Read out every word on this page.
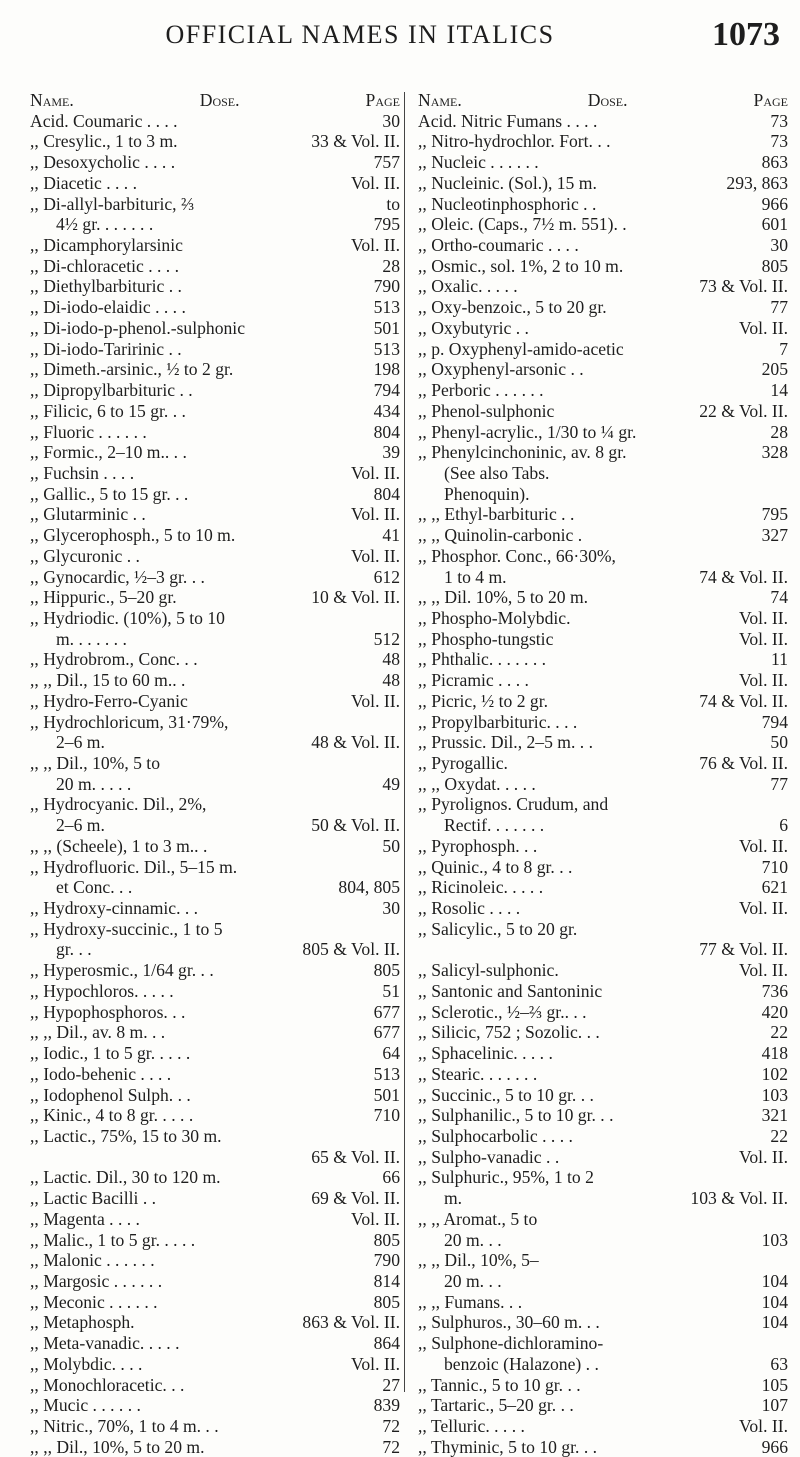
OFFICIAL NAMES IN ITALICS	1073
Name.	Dose.	Page
Acid. Coumaric . . . .	30
,, Cresylic., 1 to 3 m.	33 & Vol. II.
,, Desoxycholic . . . .	757
,, Diacetic . . . .	Vol. II.
,, Di-allyl-barbituric, ⅔	to
4½ gr. . . . . . .	795
,, Dicamphorylarsinic	Vol. II.
,, Di-chloracetic . . . .	28
,, Diethylbarbituric . .	790
,, Di-iodo-elaidic . . . .	513
,, Di-iodo-p-phenol.-sulphonic	501
,, Di-iodo-Taririnic . .	513
,, Dimeth.-arsinic., ½ to 2 gr.	198
,, Dipropylbarbituric . .	794
,, Filicic, 6 to 15 gr. . .	434
,, Fluoric . . . . . .	804
,, Formic., 2–10 m.. . .	39
,, Fuchsin . . . .	Vol. II.
,, Gallic., 5 to 15 gr. . .	804
,, Glutarminic . .	Vol. II.
,, Glycerophosph., 5 to 10 m.	41
,, Glycuronic . .	Vol. II.
,, Gynocardic, ½–3 gr. . .	612
,, Hippuric., 5–20 gr.	10 & Vol. II.
,, Hydriodic. (10%), 5 to 10
m. . . . . . .	512
,, Hydrobrom., Conc. . .	48
,, ,, Dil., 15 to 60 m.. .	48
,, Hydro-Ferro-Cyanic	Vol. II.
,, Hydrochloricum, 31·79%,
2–6 m.	48 & Vol. II.
,, ,, Dil., 10%, 5 to
20 m. . . . .	49
,, Hydrocyanic. Dil., 2%,
2–6 m.	50 & Vol. II.
,, ,, (Scheele), 1 to 3 m.. .	50
,, Hydrofluoric. Dil., 5–15 m.
et Conc. . .	804, 805
,, Hydroxy-cinnamic. . .	30
,, Hydroxy-succinic., 1 to 5
gr. . .	805 & Vol. II.
,, Hyperosmic., 1/64 gr. . .	805
,, Hypochloros. . . . .	51
,, Hypophosphoros. . .	677
,, ,, Dil., av. 8 m. . .	677
,, Iodic., 1 to 5 gr. . . . .	64
,, Iodo-behenic . . . .	513
,, Iodophenol Sulph. . .	501
,, Kinic., 4 to 8 gr. . . . .	710
,, Lactic., 75%, 15 to 30 m.
65 & Vol. II.
,, Lactic. Dil., 30 to 120 m.	66
,, Lactic Bacilli . .	69 & Vol. II.
,, Magenta . . . .	Vol. II.
,, Malic., 1 to 5 gr. . . . .	805
,, Malonic . . . . . .	790
,, Margosic . . . . . .	814
,, Meconic . . . . . .	805
,, Metaphosph.	863 & Vol. II.
,, Meta-vanadic. . . . .	864
,, Molybdic. . . .	Vol. II.
,, Monochloracetic. . .	27
,, Mucic . . . . . .	839
,, Nitric., 70%, 1 to 4 m. . .	72
,, ,, Dil., 10%, 5 to 20 m.	72
Name.	Dose.	Page
Acid. Nitric Fumans . . . .	73
,, Nitro-hydrochlor. Fort. . .	73
,, Nucleic . . . . . .	863
,, Nucleinic. (Sol.), 15 m.	293, 863
,, Nucleotinphosphoric . .	966
,, Oleic. (Caps., 7½ m. 551). .	601
,, Ortho-coumaric . . . .	30
,, Osmic., sol. 1%, 2 to 10 m.	805
,, Oxalic. . . . .	73 & Vol. II.
,, Oxy-benzoic., 5 to 20 gr.	77
,, Oxybutyric . .	Vol. II.
,, p. Oxyphenyl-amido-acetic	7
,, Oxyphenyl-arsonic . .	205
,, Perboric . . . . . .	14
,, Phenol-sulphonic	22 & Vol. II.
,, Phenyl-acrylic., 1/30 to ¼ gr.	28
,, Phenylcinchoninic, av. 8 gr.	328
(See also Tabs.
Phenoquin).
,, ,, Ethyl-barbituric . .	795
,, ,, Quinolin-carbonic .	327
,, Phosphor. Conc., 66·30%,
1 to 4 m.	74 & Vol. II.
,, ,, Dil. 10%, 5 to 20 m.	74
,, Phospho-Molybdic.	Vol. II.
,, Phospho-tungstic	Vol. II.
,, Phthalic. . . . . . .	11
,, Picramic . . . .	Vol. II.
,, Picric, ½ to 2 gr.	74 & Vol. II.
,, Propylbarbituric. . . .	794
,, Prussic. Dil., 2–5 m. . .	50
,, Pyrogallic.	76 & Vol. II.
,, ,, Oxydat. . . . .	77
,, Pyrolignos. Crudum, and
Rectif. . . . . . .	6
,, Pyrophosph. . .	Vol. II.
,, Quinic., 4 to 8 gr. . .	710
,, Ricinoleic. . . . .	621
,, Rosolic . . . .	Vol. II.
,, Salicylic., 5 to 20 gr.
77 & Vol. II.
,, Salicyl-sulphonic.	Vol. II.
,, Santonic and Santoninic	736
,, Sclerotic., ½–⅔ gr.. . .	420
,, Silicic, 752 ; Sozolic. . .	22
,, Sphacelinic. . . . .	418
,, Stearic. . . . . . .	102
,, Succinic., 5 to 10 gr. . .	103
,, Sulphanilic., 5 to 10 gr. . .	321
,, Sulphocarbolic . . . .	22
,, Sulpho-vanadic . .	Vol. II.
,, Sulphuric., 95%, 1 to 2
m.	103 & Vol. II.
,, ,, Aromat., 5 to
20 m. . .	103
,, ,, Dil., 10%, 5–
20 m. . .	104
,, ,, Fumans. . .	104
,, Sulphuros., 30–60 m. . .	104
,, Sulphone-dichloramino-
benzoic (Halazone) . .	63
,, Tannic., 5 to 10 gr. . .	105
,, Tartaric., 5–20 gr. . .	107
,, Telluric. . . . .	Vol. II.
,, Thyminic, 5 to 10 gr. . .	966
